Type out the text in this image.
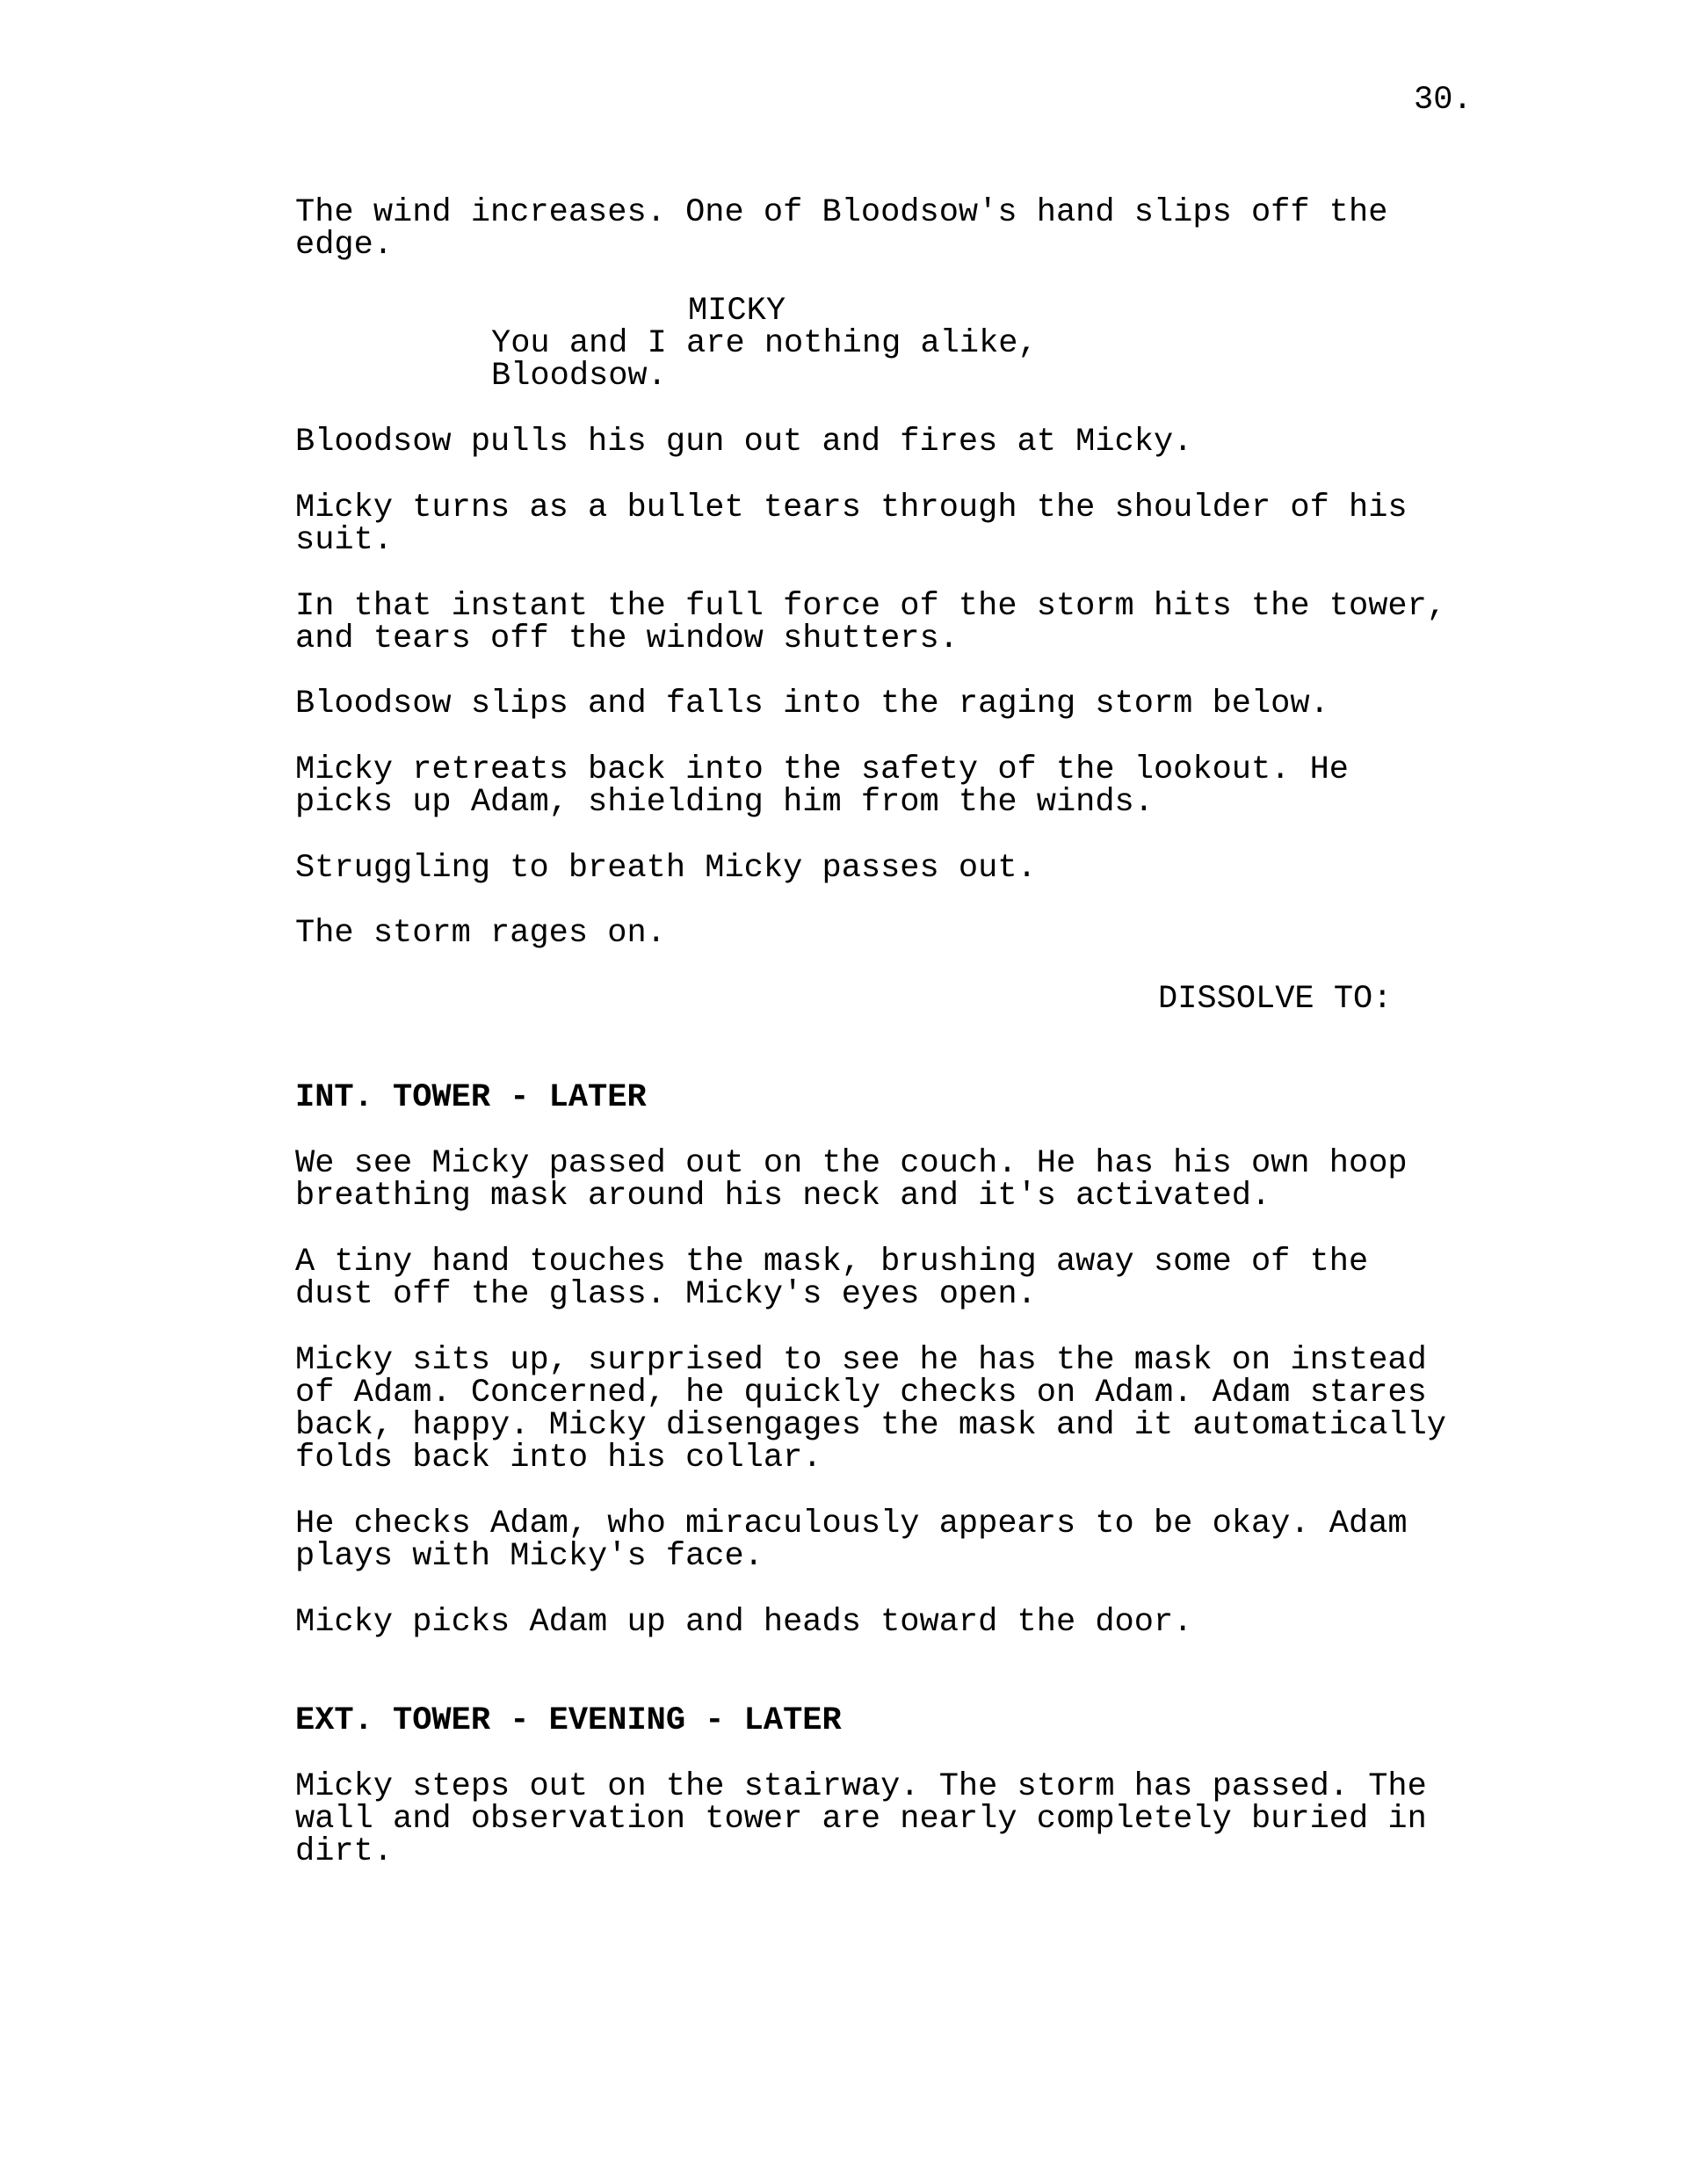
30.
The wind increases. One of Bloodsow's hand slips off the
edge.
MICKY
You and I are nothing alike,
Bloodsow.
Bloodsow pulls his gun out and fires at Micky.
Micky turns as a bullet tears through the shoulder of his
suit.
In that instant the full force of the storm hits the tower,
and tears off the window shutters.
Bloodsow slips and falls into the raging storm below.
Micky retreats back into the safety of the lookout. He
picks up Adam, shielding him from the winds.
Struggling to breath Micky passes out.
The storm rages on.
DISSOLVE TO:
INT. TOWER - LATER
We see Micky passed out on the couch. He has his own hoop
breathing mask around his neck and it's activated.
A tiny hand touches the mask, brushing away some of the
dust off the glass. Micky's eyes open.
Micky sits up, surprised to see he has the mask on instead
of Adam. Concerned, he quickly checks on Adam. Adam stares
back, happy. Micky disengages the mask and it automatically
folds back into his collar.
He checks Adam, who miraculously appears to be okay. Adam
plays with Micky's face.
Micky picks Adam up and heads toward the door.
EXT. TOWER - EVENING - LATER
Micky steps out on the stairway. The storm has passed. The
wall and observation tower are nearly completely buried in
dirt.
